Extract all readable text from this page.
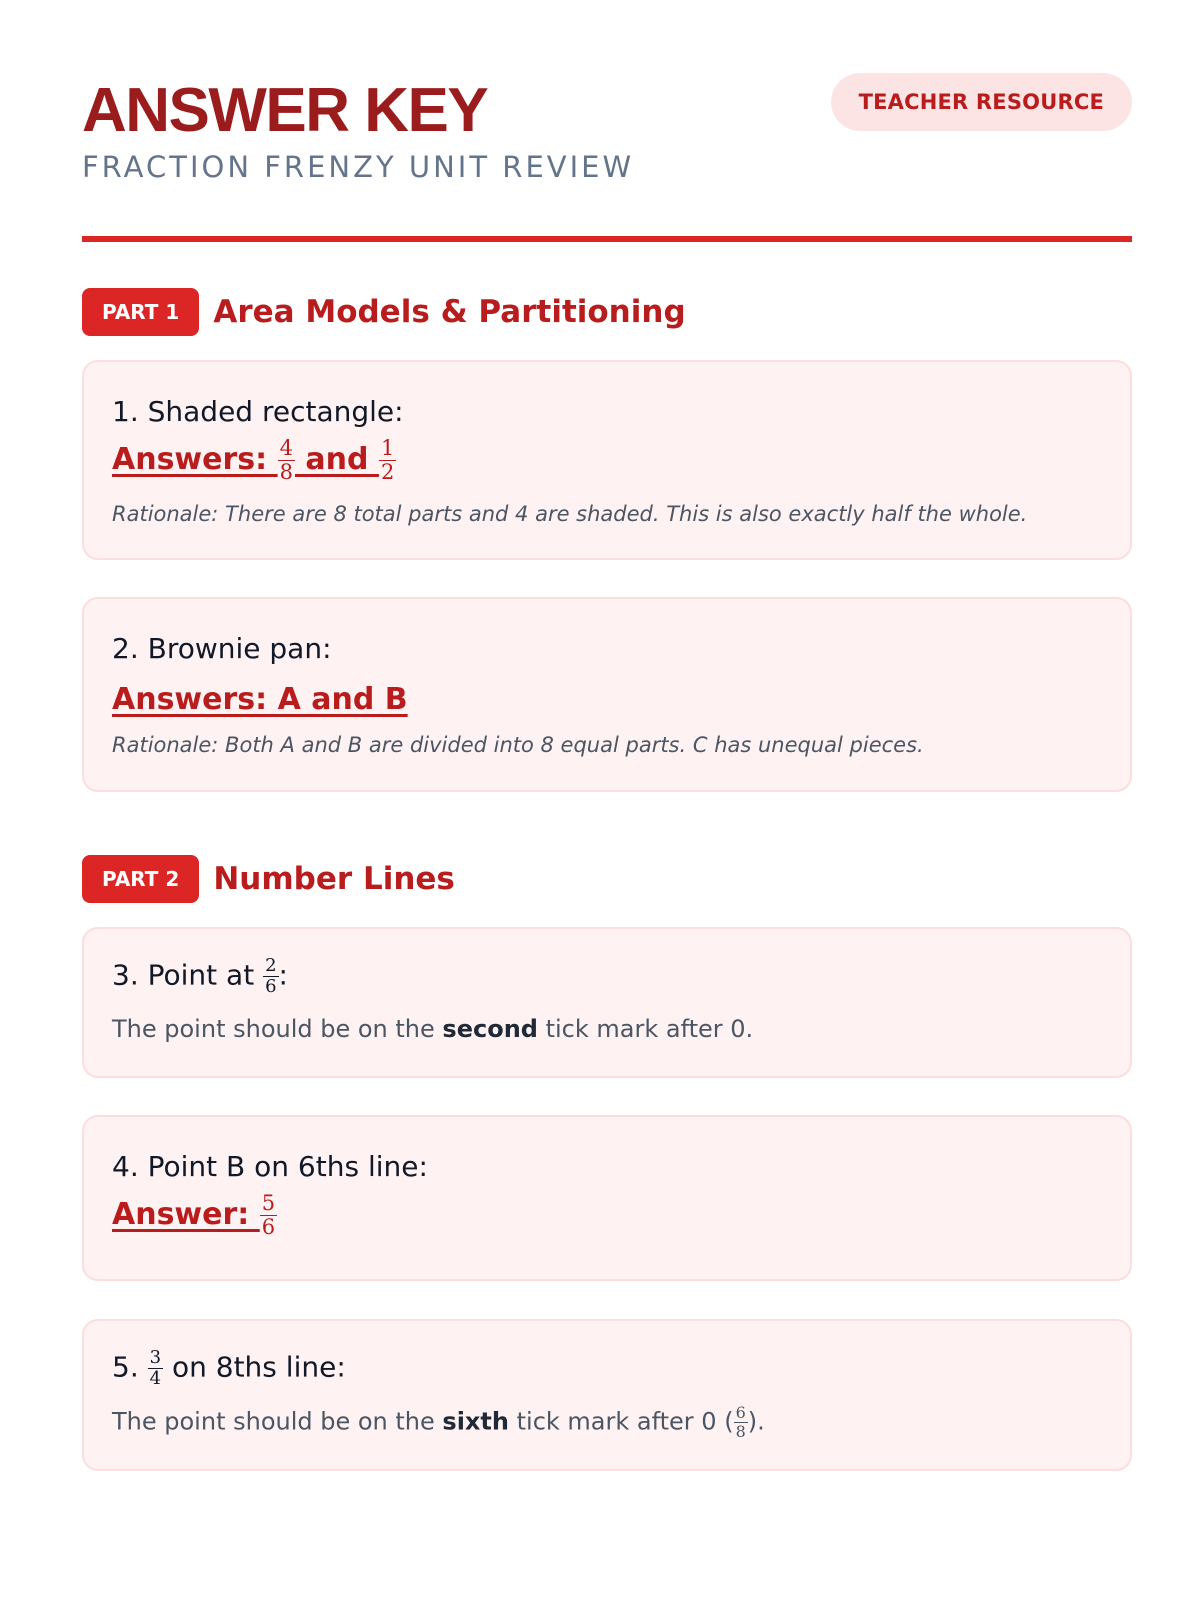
ANSWER KEY
FRACTION FRENZY UNIT REVIEW
TEACHER RESOURCE
PART 1	Area Models & Partitioning
1. Shaded rectangle:
Answers: $\frac{4}{8}$ and $\frac{1}{2}$
Rationale: There are 8 total parts and 4 are shaded. This is also exactly half the whole.
2. Brownie pan:
Answers: A and B
Rationale: Both A and B are divided into 8 equal parts. C has unequal pieces.
PART 2	Number Lines
3. Point at $\frac{2}{6}$ :
The point should be on the second tick mark after 0.
4. Point B on 6ths line:
Answer: $\frac{5}{6}$
5. $\frac{3}{4}$ on 8ths line:
The point should be on the sixth tick mark after 0 ( $\frac{6}{8}$ ).
